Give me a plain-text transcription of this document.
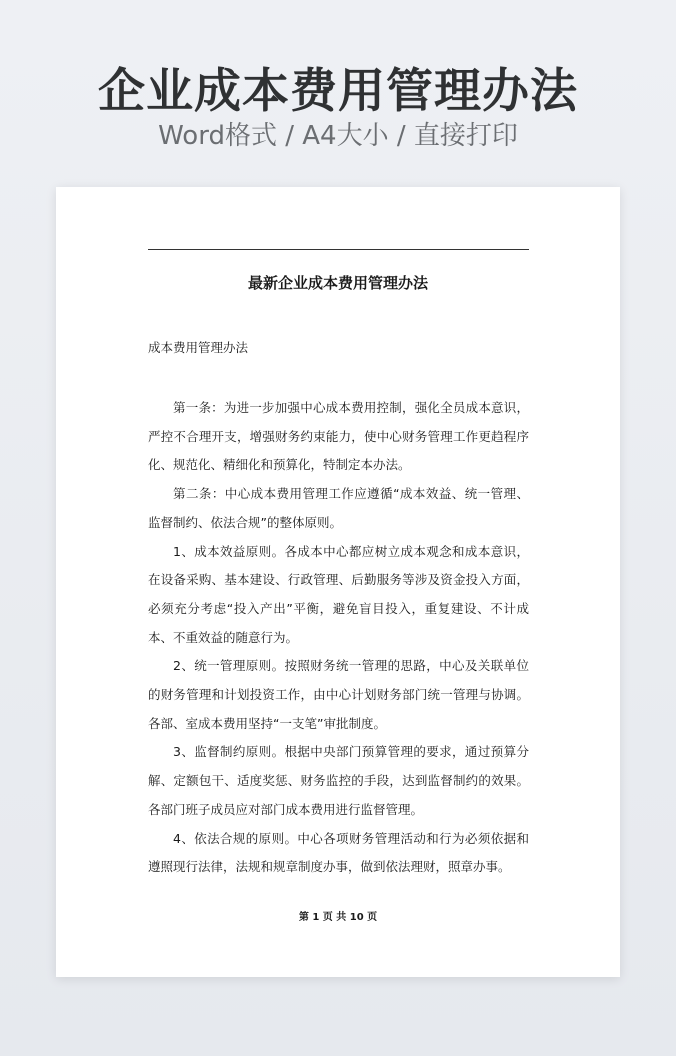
企业成本费用管理办法
Word格式 / A4大小 / 直接打印
最新企业成本费用管理办法
成本费用管理办法

第一条：为进一步加强中心成本费用控制，强化全员成本意识，严控不合理开支，增强财务约束能力，使中心财务管理工作更趋程序化、规范化、精细化和预算化，特制定本办法。

第二条：中心成本费用管理工作应遵循“成本效益、统一管理、监督制约、依法合规”的整体原则。

1、成本效益原则。各成本中心都应树立成本观念和成本意识，在设备采购、基本建设、行政管理、后勤服务等涉及资金投入方面，必须充分考虑“投入产出”平衡，避免盲目投入，重复建设、不计成本、不重效益的随意行为。

2、统一管理原则。按照财务统一管理的思路，中心及关联单位的财务管理和计划投资工作，由中心计划财务部门统一管理与协调。各部、室成本费用坚持“一支笔”审批制度。

3、监督制约原则。根据中央部门预算管理的要求，通过预算分解、定额包干、适度奖惩、财务监控的手段，达到监督制约的效果。各部门班子成员应对部门成本费用进行监督管理。

4、依法合规的原则。中心各项财务管理活动和行为必须依据和遵照现行法律，法规和规章制度办事，做到依法理财，照章办事。

第 1 页 共 10 页
